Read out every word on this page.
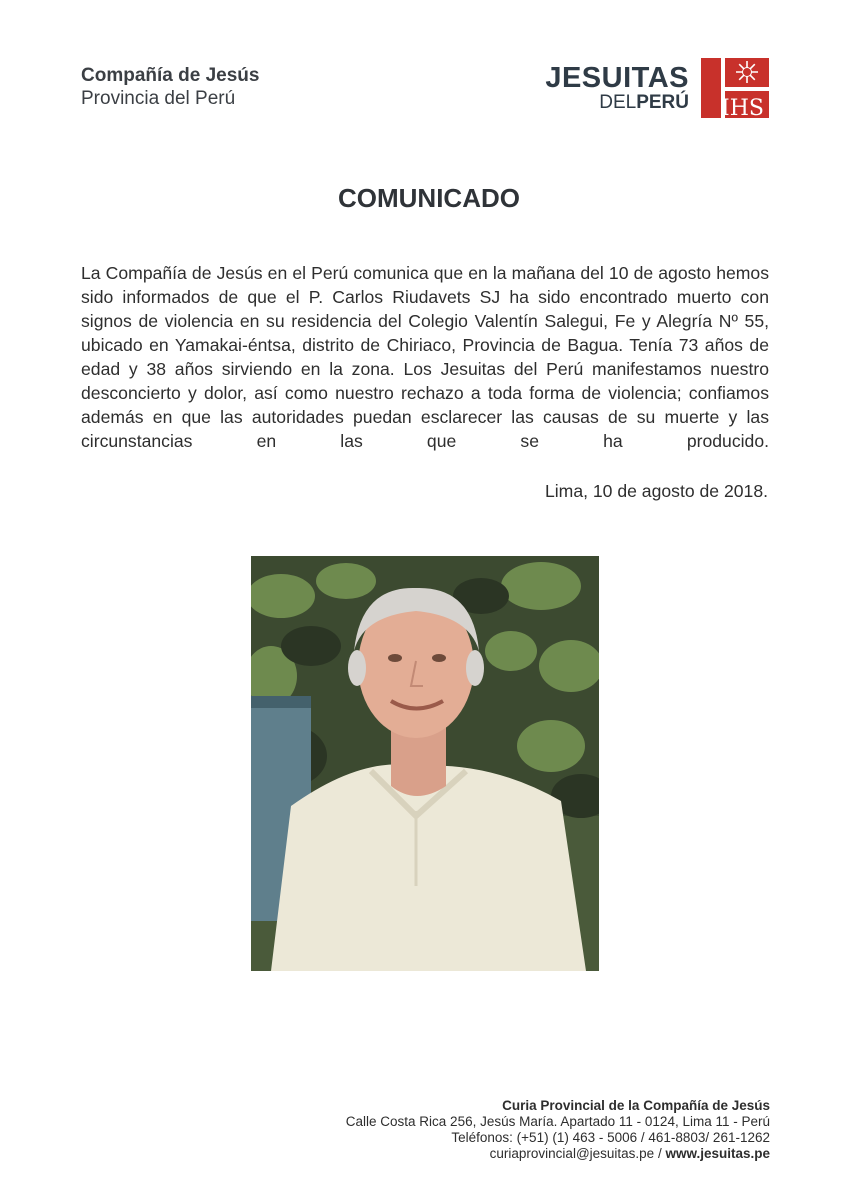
Compañía de Jesús
Provincia del Perú
JESUITAS
DELPERÚ IHS
COMUNICADO
La Compañía de Jesús en el Perú comunica que en la mañana del 10 de agosto hemos sido informados de que el P. Carlos Riudavets SJ ha sido encontrado muerto con signos de violencia en su residencia del Colegio Valentín Salegui, Fe y Alegría Nº 55, ubicado en Yamakai-éntsa, distrito de Chiriaco, Provincia de Bagua. Tenía 73 años de edad y 38 años sirviendo en la zona. Los Jesuitas del Perú manifestamos nuestro desconcierto y dolor, así como nuestro rechazo a toda forma de violencia; confiamos además en que las autoridades puedan esclarecer las causas de su muerte y las circunstancias en las que se ha producido.
Lima, 10 de agosto de 2018.
Curia Provincial de la Compañía de Jesús
Calle Costa Rica 256, Jesús María. Apartado 11 - 0124, Lima 11 - Perú
Teléfonos: (+51) (1) 463 - 5006 / 461-8803/ 261-1262
curiaprovincial@jesuitas.pe / www.jesuitas.pe
